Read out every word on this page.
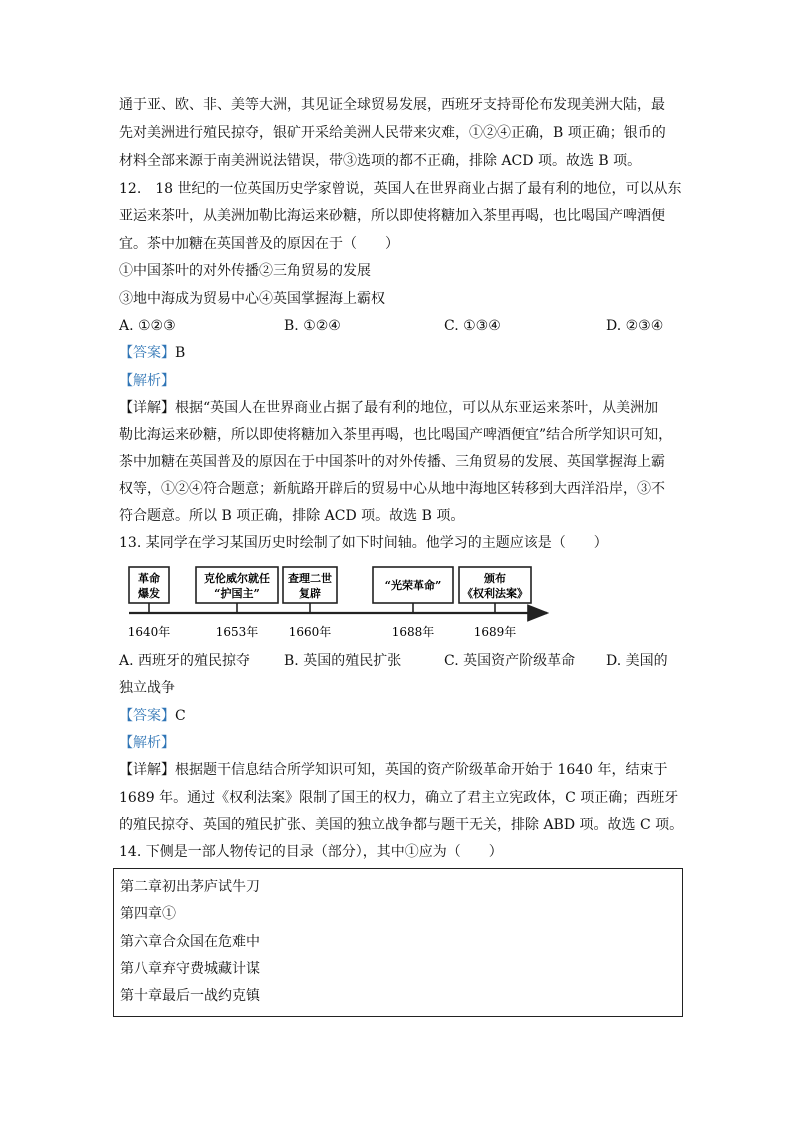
通于亚、欧、非、美等大洲，其见证全球贸易发展，西班牙支持哥伦布发现美洲大陆，最
先对美洲进行殖民掠夺，银矿开采给美洲人民带来灾难，①②④正确，B 项正确；银币的
材料全部来源于南美洲说法错误，带③选项的都不正确，排除 ACD 项。故选 B 项。
12.　18 世纪的一位英国历史学家曾说，英国人在世界商业占据了最有利的地位，可以从东
亚运来茶叶，从美洲加勒比海运来砂糖，所以即使将糖加入茶里再喝，也比喝国产啤酒便
宜。茶中加糖在英国普及的原因在于（　　）
①中国茶叶的对外传播②三角贸易的发展
③地中海成为贸易中心④英国掌握海上霸权
A. ①②③	B. ①②④	C. ①③④	D. ②③④
【答案】B
【解析】
【详解】根据“英国人在世界商业占据了最有利的地位，可以从东亚运来茶叶，从美洲加
勒比海运来砂糖，所以即使将糖加入茶里再喝，也比喝国产啤酒便宜”结合所学知识可知，
茶中加糖在英国普及的原因在于中国茶叶的对外传播、三角贸易的发展、英国掌握海上霸
权等，①②④符合题意；新航路开辟后的贸易中心从地中海地区转移到大西洋沿岸，③不
符合题意。所以 B 项正确，排除 ACD 项。故选 B 项。
13. 某同学在学习某国历史时绘制了如下时间轴。他学习的主题应该是（　　）
革命
爆发
1640年
克伦威尔就任
“护国主”
1653年
查理二世
复辟
1660年
“光荣革命”
1688年
颁布
《权利法案》
1689年
A. 西班牙的殖民掠夺 B. 英国的殖民扩张	C. 英国资产阶级革命 D. 美国的
独立战争
【答案】C
【解析】
【详解】根据题干信息结合所学知识可知，英国的资产阶级革命开始于 1640 年，结束于
1689 年。通过《权利法案》限制了国王的权力，确立了君主立宪政体，C 项正确；西班牙
的殖民掠夺、英国的殖民扩张、美国的独立战争都与题干无关，排除 ABD 项。故选 C 项。
14. 下侧是一部人物传记的目录（部分），其中①应为（　　）
第二章初出茅庐试牛刀
第四章①
第六章合众国在危难中
第八章弃守费城藏计谋
第十章最后一战约克镇
